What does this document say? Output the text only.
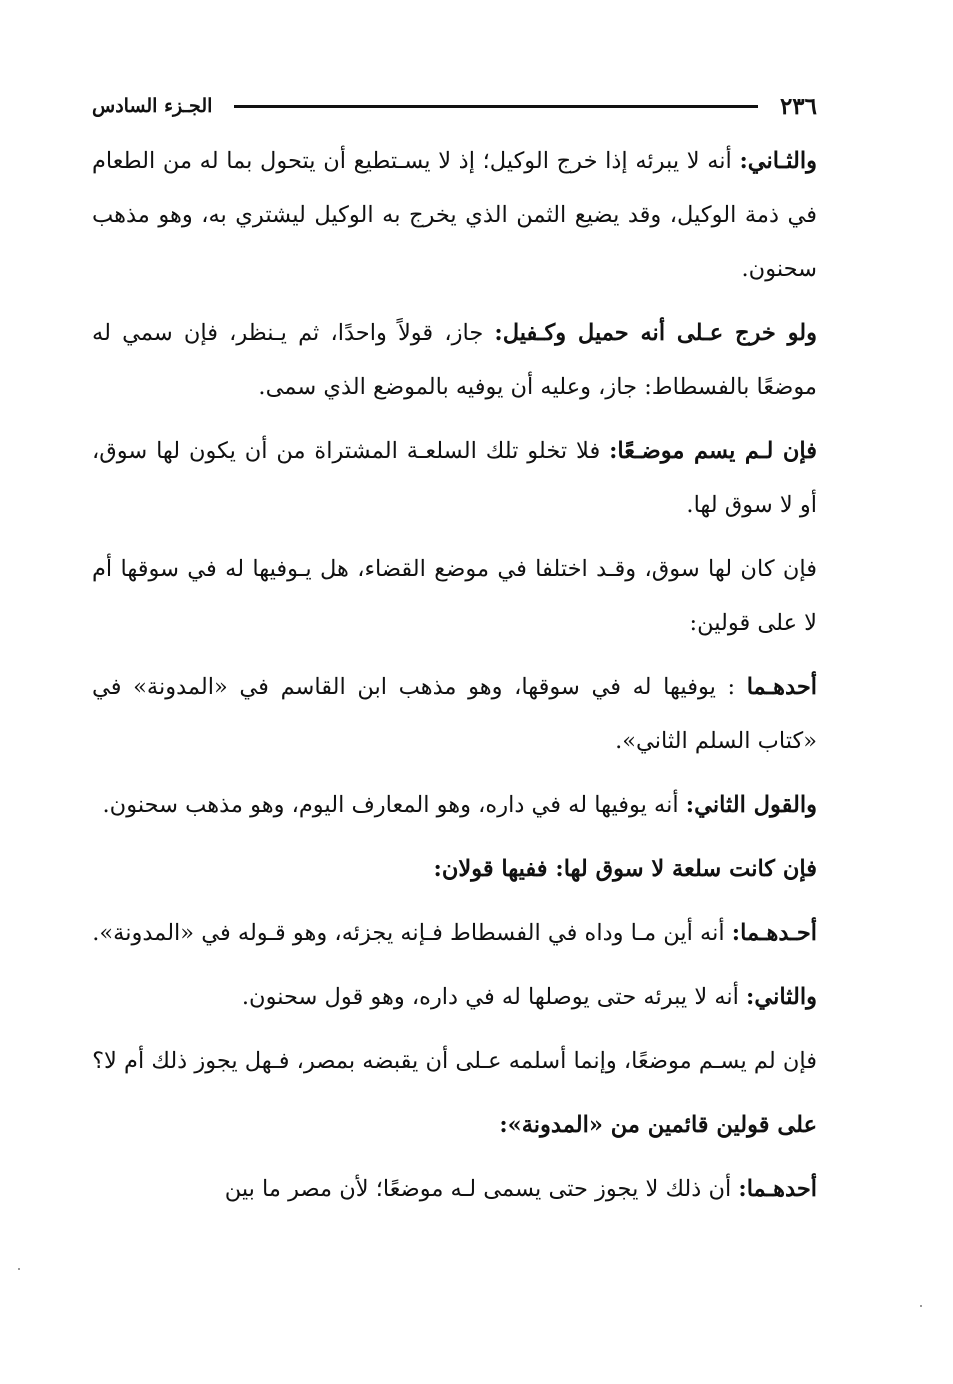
٢٣٦
الجـزء السادس

والثـاني: أنه لا يبرئه إذا خرج الوكيل؛ إذ لا يسـتطيع أن يتحول بما له من الطعام في ذمة الوكيل، وقد يضيع الثمن الذي يخرج به الوكيل ليشتري به، وهو مذهب سحنون.

ولو خرج عـلى أنه حميل وكـفيل: جاز، قولاً واحدًا، ثم يـنظر، فإن سمي له موضعًا بالفسطاط: جاز، وعليه أن يوفيه بالموضع الذي سمى.

فإن لـم يسم موضـعًا: فلا تخلو تلك السلعـة المشتراة من أن يكون لها سوق، أو لا سوق لها.

فإن كان لها سوق، وقـد اختلفا في موضع القضاء، هل يـوفيها له في سوقها أم لا على قولين:

أحدهـما : يوفيها له في سوقها، وهو مذهب ابن القاسم في «المدونة» في «كتاب السلم الثاني».

والقول الثاني: أنه يوفيها له في داره، وهو المعارف اليوم، وهو مذهب سحنون.

فإن كانت سلعة لا سوق لها: ففيها قولان:

أحـدهـما: أنه أين مـا وداه في الفسطاط فـإنه يجزئه، وهو قـوله في «المدونة».

والثاني: أنه لا يبرئه حتى يوصلها له في داره، وهو قول سحنون.

فإن لم يسـم موضعًا، وإنما أسلمه عـلى أن يقبضه بمصر، فـهل يجوز ذلك أم لا؟

على قولين قائمين من «المدونة»:

أحدهـما: أن ذلك لا يجوز حتى يسمى لـه موضعًا؛ لأن مصر ما بين
